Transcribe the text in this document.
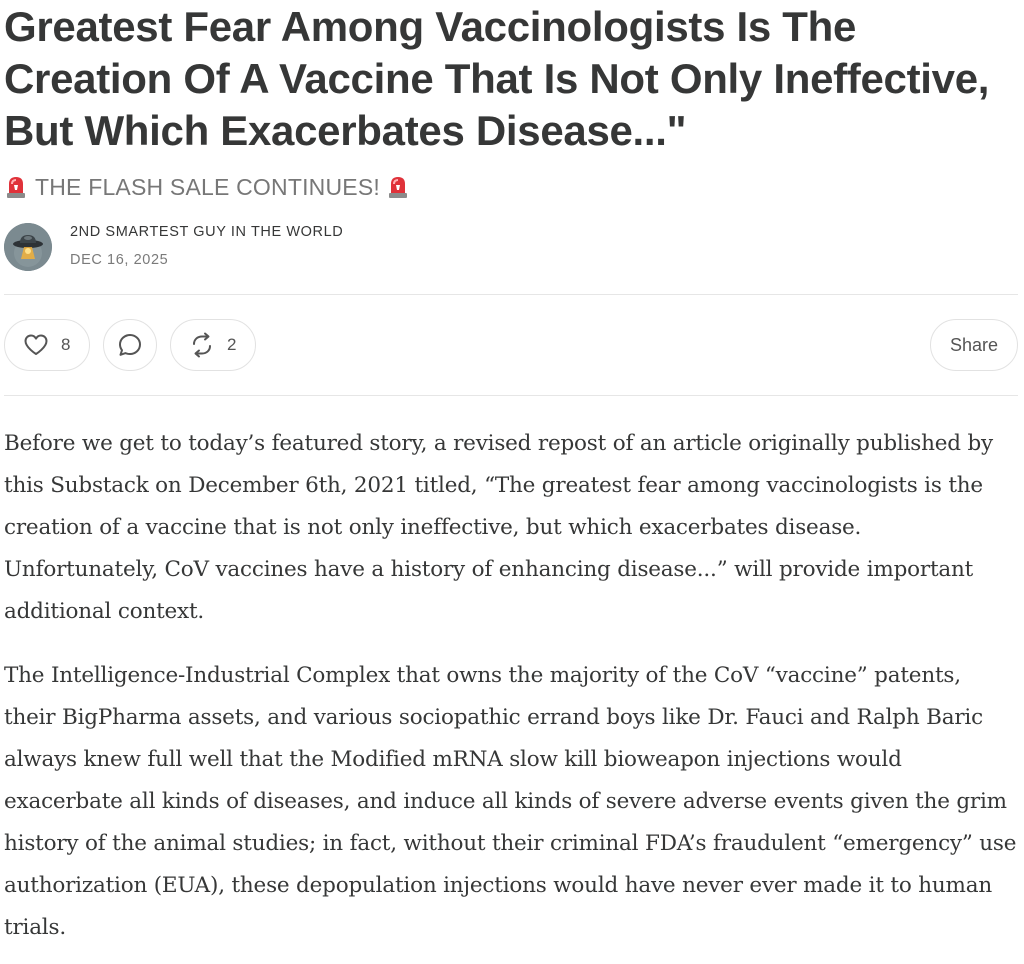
Greatest Fear Among Vaccinologists Is The Creation Of A Vaccine That Is Not Only Ineffective, But Which Exacerbates Disease..."
THE FLASH SALE CONTINUES!
2ND SMARTEST GUY IN THE WORLD
DEC 16, 2025
8	2	Share

Before we get to today’s featured story, a revised repost of an article originally published by this Substack on December 6th, 2021 titled, “The greatest fear among vaccinologists is the creation of a vaccine that is not only ineffective, but which exacerbates disease. Unfortunately, CoV vaccines have a history of enhancing disease...” will provide important additional context.

The Intelligence-Industrial Complex that owns the majority of the CoV “vaccine” patents, their BigPharma assets, and various sociopathic errand boys like Dr. Fauci and Ralph Baric always knew full well that the Modified mRNA slow kill bioweapon injections would exacerbate all kinds of diseases, and induce all kinds of severe adverse events given the grim history of the animal studies; in fact, without their criminal FDA’s fraudulent “emergency” use authorization (EUA), these depopulation injections would have never ever made it to human trials.
